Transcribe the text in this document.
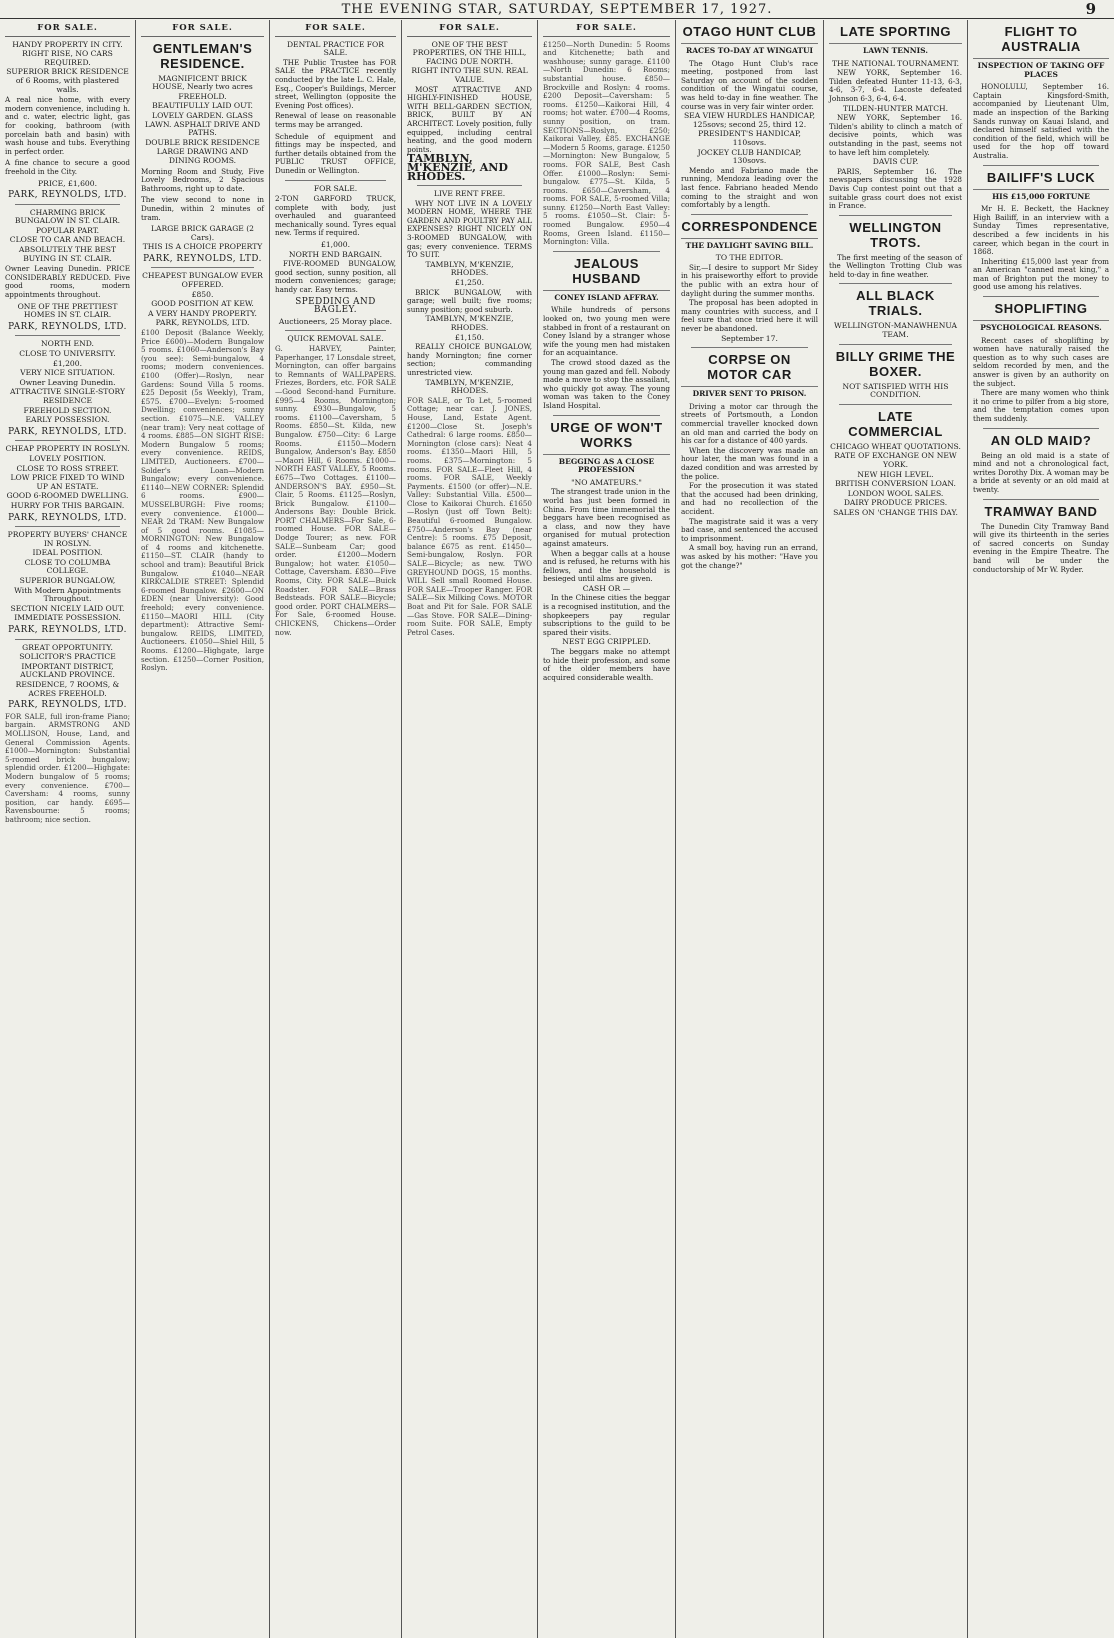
THE EVENING STAR, SATURDAY, SEPTEMBER 17, 1927.	9
FOR SALE.
HANDY PROPERTY IN CITY.
RIGHT RISE, NO CARS REQUIRED.
SUPERIOR BRICK RESIDENCE of 6 Rooms, with plastered walls.
A real nice home, with every modern convenience, including h. and c. water, electric light, gas for cooking, bathroom (with porcelain bath and basin) with wash house and tubs. Everything in perfect order.
A fine chance to secure a good freehold in the City.
PRICE, £1,600.
PARK, REYNOLDS, LTD.
CHARMING BRICK BUNGALOW IN ST. CLAIR.
POPULAR PART.
CLOSE TO CAR AND BEACH.
ABSOLUTELY THE BEST BUYING IN ST. CLAIR.
Owner Leaving Dunedin. PRICE CONSIDERABLY REDUCED. Five good rooms, modern appointments throughout.
ONE OF THE PRETTIEST HOMES IN ST. CLAIR.
PARK, REYNOLDS, LTD.
NORTH END.
CLOSE TO UNIVERSITY.
£1,200.
VERY NICE SITUATION.
Owner Leaving Dunedin.
ATTRACTIVE SINGLE-STORY RESIDENCE
FREEHOLD SECTION.
EARLY POSSESSION.
PARK, REYNOLDS, LTD.
CHEAP PROPERTY IN ROSLYN.
LOVELY POSITION.
CLOSE TO ROSS STREET.
LOW PRICE FIXED TO WIND UP AN ESTATE.
GOOD 6-ROOMED DWELLING.
HURRY FOR THIS BARGAIN.
PARK, REYNOLDS, LTD.
PROPERTY BUYERS' CHANCE IN ROSLYN.
IDEAL POSITION.
CLOSE TO COLUMBA COLLEGE.
SUPERIOR BUNGALOW,
With Modern Appointments Throughout.
SECTION NICELY LAID OUT.
IMMEDIATE POSSESSION.
PARK, REYNOLDS, LTD.
GREAT OPPORTUNITY.
SOLICITOR'S PRACTICE
IMPORTANT DISTRICT, AUCKLAND PROVINCE.
RESIDENCE, 7 ROOMS, & ACRES FREEHOLD.
PARK, REYNOLDS, LTD.
FOR SALE, full iron-frame Piano; bargain. ARMSTRONG AND MOLLISON, House, Land, and General Commission Agents. £1000—Mornington: Substantial 5-roomed brick bungalow; splendid order. £1200—Highgate: Modern bungalow of 5 rooms; every convenience. £700—Caversham: 4 rooms, sunny position, car handy. £695—Ravensbourne: 5 rooms; bathroom; nice section.
FOR SALE.
GENTLEMAN'S RESIDENCE.
MAGNIFICENT BRICK HOUSE, Nearly two acres
FREEHOLD.
BEAUTIFULLY LAID OUT.
LOVELY GARDEN. GLASS LAWN. ASPHALT DRIVE AND PATHS.
DOUBLE BRICK RESIDENCE
LARGE DRAWING AND DINING ROOMS.
Morning Room and Study, Five Lovely Bedrooms, 2 Spacious Bathrooms, right up to date.
The view second to none in Dunedin, within 2 minutes of tram.
LARGE BRICK GARAGE (2 Cars).
THIS IS A CHOICE PROPERTY
PARK, REYNOLDS, LTD.
CHEAPEST BUNGALOW EVER OFFERED.
£850.
GOOD POSITION AT KEW.
A VERY HANDY PROPERTY.
PARK, REYNOLDS, LTD.
£100 Deposit (Balance Weekly, Price £600)—Modern Bungalow 5 rooms. £1060—Anderson's Bay (you see): Semi-bungalow, 4 rooms; modern conveniences. £100 (Offer)—Roslyn, near Gardens: Sound Villa 5 rooms. £25 Deposit (5s Weekly), Tram, £575. £700—Evelyn: 5-roomed Dwelling; conveniences; sunny section. £1075—N.E. VALLEY (near tram): Very neat cottage of 4 rooms. £885—ON SIGHT RISE: Modern Bungalow 5 rooms; every convenience. REIDS, LIMITED, Auctioneers. £700—Solder's Loan—Modern Bungalow; every convenience. £1140—NEW CORNER: Splendid 6 rooms. £900—MUSSELBURGH: Five rooms; every convenience. £1000—NEAR 2d TRAM: New Bungalow of 5 good rooms. £1085—MORNINGTON: New Bungalow of 4 rooms and kitchenette. £1150—ST. CLAIR (handy to school and tram): Beautiful Brick Bungalow. £1040—NEAR KIRKCALDIE STREET: Splendid 6-roomed Bungalow. £2600—ON EDEN (near University): Good freehold; every convenience. £1150—MAORI HILL (City department): Attractive Semi-bungalow. REIDS, LIMITED, Auctioneers. £1050—Shiel Hill, 5 Rooms. £1200—Highgate, large section. £1250—Corner Position, Roslyn.
FOR SALE.
DENTAL PRACTICE FOR SALE.
THE Public Trustee has FOR SALE the PRACTICE recently conducted by the late L. C. Hale, Esq., Cooper's Buildings, Mercer street, Wellington (opposite the Evening Post offices).
Renewal of lease on reasonable terms may be arranged.
Schedule of equipment and fittings may be inspected, and further details obtained from the PUBLIC TRUST OFFICE, Dunedin or Wellington.
FOR SALE.
2-TON GARFORD TRUCK, complete with body, just overhauled and guaranteed mechanically sound. Tyres equal new. Terms if required.
£1,000.
NORTH END BARGAIN.
FIVE-ROOMED BUNGALOW, good section, sunny position, all modern conveniences; garage; handy car. Easy terms.
SPEDDING AND BAGLEY.
Auctioneers, 25 Moray place.
QUICK REMOVAL SALE.
G. HARVEY, Painter, Paperhanger, 17 Lonsdale street, Mornington, can offer bargains to Remnants of WALLPAPERS. Friezes, Borders, etc. FOR SALE—Good Second-hand Furniture. £995—4 Rooms, Mornington; sunny. £930—Bungalow, 5 rooms. £1100—Caversham, 5 Rooms. £850—St. Kilda, new Bungalow. £750—City: 6 Large Rooms. £1150—Modern Bungalow, Anderson's Bay. £850—Maori Hill, 6 Rooms. £1000—NORTH EAST VALLEY, 5 Rooms. £675—Two Cottages. £1100—ANDERSON'S BAY. £950—St. Clair, 5 Rooms. £1125—Roslyn, Brick Bungalow. £1100—Andersons Bay: Double Brick. PORT CHALMERS—For Sale, 6-roomed House. FOR SALE—Dodge Tourer; as new. FOR SALE—Sunbeam Car; good order. £1200—Modern Bungalow; hot water. £1050—Cottage, Caversham. £830—Five Rooms, City. FOR SALE—Buick Roadster. FOR SALE—Brass Bedsteads. FOR SALE—Bicycle; good order. PORT CHALMERS—For Sale, 6-roomed House. CHICKENS, Chickens—Order now.
FOR SALE.
ONE OF THE BEST PROPERTIES, ON THE HILL, FACING DUE NORTH.
RIGHT INTO THE SUN. REAL VALUE.
MOST ATTRACTIVE AND HIGHLY-FINISHED HOUSE, WITH BELL-GARDEN SECTION, BRICK, BUILT BY AN ARCHITECT. Lovely position, fully equipped, including central heating, and the good modern points.
TAMBLYN, M'KENZIE, AND RHODES.
LIVE RENT FREE.
WHY NOT LIVE IN A LOVELY MODERN HOME, WHERE THE GARDEN AND POULTRY PAY ALL EXPENSES? RIGHT NICELY ON 3-ROOMED BUNGALOW, with gas; every convenience. TERMS TO SUIT.
TAMBLYN, M'KENZIE, RHODES.
£1,250.
BRICK BUNGALOW, with garage; well built; five rooms; sunny position; good suburb.
TAMBLYN, M'KENZIE, RHODES.
£1,150.
REALLY CHOICE BUNGALOW, handy Mornington; fine corner section; commanding unrestricted view.
TAMBLYN, M'KENZIE, RHODES.
FOR SALE, or To Let, 5-roomed Cottage; near car. J. JONES, House, Land, Estate Agent. £1200—Close St. Joseph's Cathedral: 6 large rooms. £850—Mornington (close cars): Neat 4 rooms. £1350—Maori Hill, 5 rooms. £375—Mornington: 5 rooms. FOR SALE—Fleet Hill, 4 rooms. FOR SALE, Weekly Payments. £1500 (or offer)—N.E. Valley: Substantial Villa. £500—Close to Kaikorai Church. £1650—Roslyn (just off Town Belt): Beautiful 6-roomed Bungalow. £750—Anderson's Bay (near Centre): 5 rooms. £75 Deposit, balance £675 as rent. £1450—Semi-bungalow, Roslyn. FOR SALE—Bicycle; as new. TWO GREYHOUND DOGS, 15 months. WILL Sell small Roomed House. FOR SALE—Trooper Ranger. FOR SALE—Six Milking Cows. MOTOR Boat and Pit for Sale. FOR SALE—Gas Stove. FOR SALE—Dining-room Suite. FOR SALE, Empty Petrol Cases.
FOR SALE.
£1250—North Dunedin: 5 Rooms and Kitchenette; bath and washhouse; sunny garage. £1100—North Dunedin: 6 Rooms; substantial house. £850—Brockville and Roslyn: 4 rooms. £200 Deposit—Caversham: 5 rooms. £1250—Kaikorai Hill, 4 rooms; hot water. £700—4 Rooms, sunny position, on tram. SECTIONS—Roslyn, £250; Kaikorai Valley, £85. EXCHANGE—Modern 5 Rooms, garage. £1250—Mornington: New Bungalow, 5 rooms. FOR SALE, Best Cash Offer. £1000—Roslyn: Semi-bungalow. £775—St. Kilda, 5 rooms. £650—Caversham, 4 rooms. FOR SALE, 5-roomed Villa; sunny. £1250—North East Valley: 5 rooms. £1050—St. Clair: 5-roomed Bungalow. £950—4 Rooms, Green Island. £1150—Mornington: Villa.
JEALOUS HUSBAND
CONEY ISLAND AFFRAY.
While hundreds of persons looked on, two young men were stabbed in front of a restaurant on Coney Island by a stranger whose wife the young men had mistaken for an acquaintance.
The crowd stood dazed as the young man gazed and fell. Nobody made a move to stop the assailant, who quickly got away. The young woman was taken to the Coney Island Hospital.
URGE OF WON'T WORKS
BEGGING AS A CLOSE PROFESSION
"NO AMATEURS."
The strangest trade union in the world has just been formed in China. From time immemorial the beggars have been recognised as a class, and now they have organised for mutual protection against amateurs.
When a beggar calls at a house and is refused, he returns with his fellows, and the household is besieged until alms are given.
CASH OR —
In the Chinese cities the beggar is a recognised institution, and the shopkeepers pay regular subscriptions to the guild to be spared their visits.
NEST EGG CRIPPLED.
The beggars make no attempt to hide their profession, and some of the older members have acquired considerable wealth.
OTAGO HUNT CLUB
RACES TO-DAY AT WINGATUI
The Otago Hunt Club's race meeting, postponed from last Saturday on account of the sodden condition of the Wingatui course, was held to-day in fine weather. The course was in very fair winter order.
SEA VIEW HURDLES HANDICAP, 125sovs; second 25, third 12.
PRESIDENT'S HANDICAP, 110sovs.
JOCKEY CLUB HANDICAP, 130sovs.
Mendo and Fabriano made the running, Mendoza leading over the last fence. Fabriano headed Mendo coming to the straight and won comfortably by a length.
CORRESPONDENCE
THE DAYLIGHT SAVING BILL.
TO THE EDITOR.
Sir,—I desire to support Mr Sidey in his praiseworthy effort to provide the public with an extra hour of daylight during the summer months.
The proposal has been adopted in many countries with success, and I feel sure that once tried here it will never be abandoned.
September 17.
CORPSE ON MOTOR CAR
DRIVER SENT TO PRISON.
Driving a motor car through the streets of Portsmouth, a London commercial traveller knocked down an old man and carried the body on his car for a distance of 400 yards.
When the discovery was made an hour later, the man was found in a dazed condition and was arrested by the police.
For the prosecution it was stated that the accused had been drinking, and had no recollection of the accident.
The magistrate said it was a very bad case, and sentenced the accused to imprisonment.
A small boy, having run an errand, was asked by his mother: "Have you got the change?"
LATE SPORTING
LAWN TENNIS.
THE NATIONAL TOURNAMENT.
NEW YORK, September 16. Tilden defeated Hunter 11-13, 6-3, 4-6, 3-7, 6-4. Lacoste defeated Johnson 6-3, 6-4, 6-4.
TILDEN-HUNTER MATCH.
NEW YORK, September 16. Tilden's ability to clinch a match of decisive points, which was outstanding in the past, seems not to have left him completely.
DAVIS CUP.
PARIS, September 16. The newspapers discussing the 1928 Davis Cup contest point out that a suitable grass court does not exist in France.
WELLINGTON TROTS.
The first meeting of the season of the Wellington Trotting Club was held to-day in fine weather.
ALL BLACK TRIALS.
WELLINGTON-MANAWHENUA TEAM.
BILLY GRIME THE BOXER.
NOT SATISFIED WITH HIS CONDITION.
LATE COMMERCIAL
CHICAGO WHEAT QUOTATIONS.
RATE OF EXCHANGE ON NEW YORK.
NEW HIGH LEVEL.
BRITISH CONVERSION LOAN.
LONDON WOOL SALES.
DAIRY PRODUCE PRICES.
SALES ON 'CHANGE THIS DAY.
FLIGHT TO AUSTRALIA
INSPECTION OF TAKING OFF PLACES
HONOLULU, September 16. Captain Kingsford-Smith, accompanied by Lieutenant Ulm, made an inspection of the Barking Sands runway on Kauai Island, and declared himself satisfied with the condition of the field, which will be used for the hop off toward Australia.
BAILIFF'S LUCK
HIS £15,000 FORTUNE
Mr H. E. Beckett, the Hackney High Bailiff, in an interview with a Sunday Times representative, described a few incidents in his career, which began in the court in 1868.
Inheriting £15,000 last year from an American "canned meat king," a man of Brighton put the money to good use among his relatives.
SHOPLIFTING
PSYCHOLOGICAL REASONS.
Recent cases of shoplifting by women have naturally raised the question as to why such cases are seldom recorded by men, and the answer is given by an authority on the subject.
There are many women who think it no crime to pilfer from a big store, and the temptation comes upon them suddenly.
AN OLD MAID?
Being an old maid is a state of mind and not a chronological fact, writes Dorothy Dix. A woman may be a bride at seventy or an old maid at twenty.
TRAMWAY BAND
The Dunedin City Tramway Band will give its thirteenth in the series of sacred concerts on Sunday evening in the Empire Theatre. The band will be under the conductorship of Mr W. Ryder.
